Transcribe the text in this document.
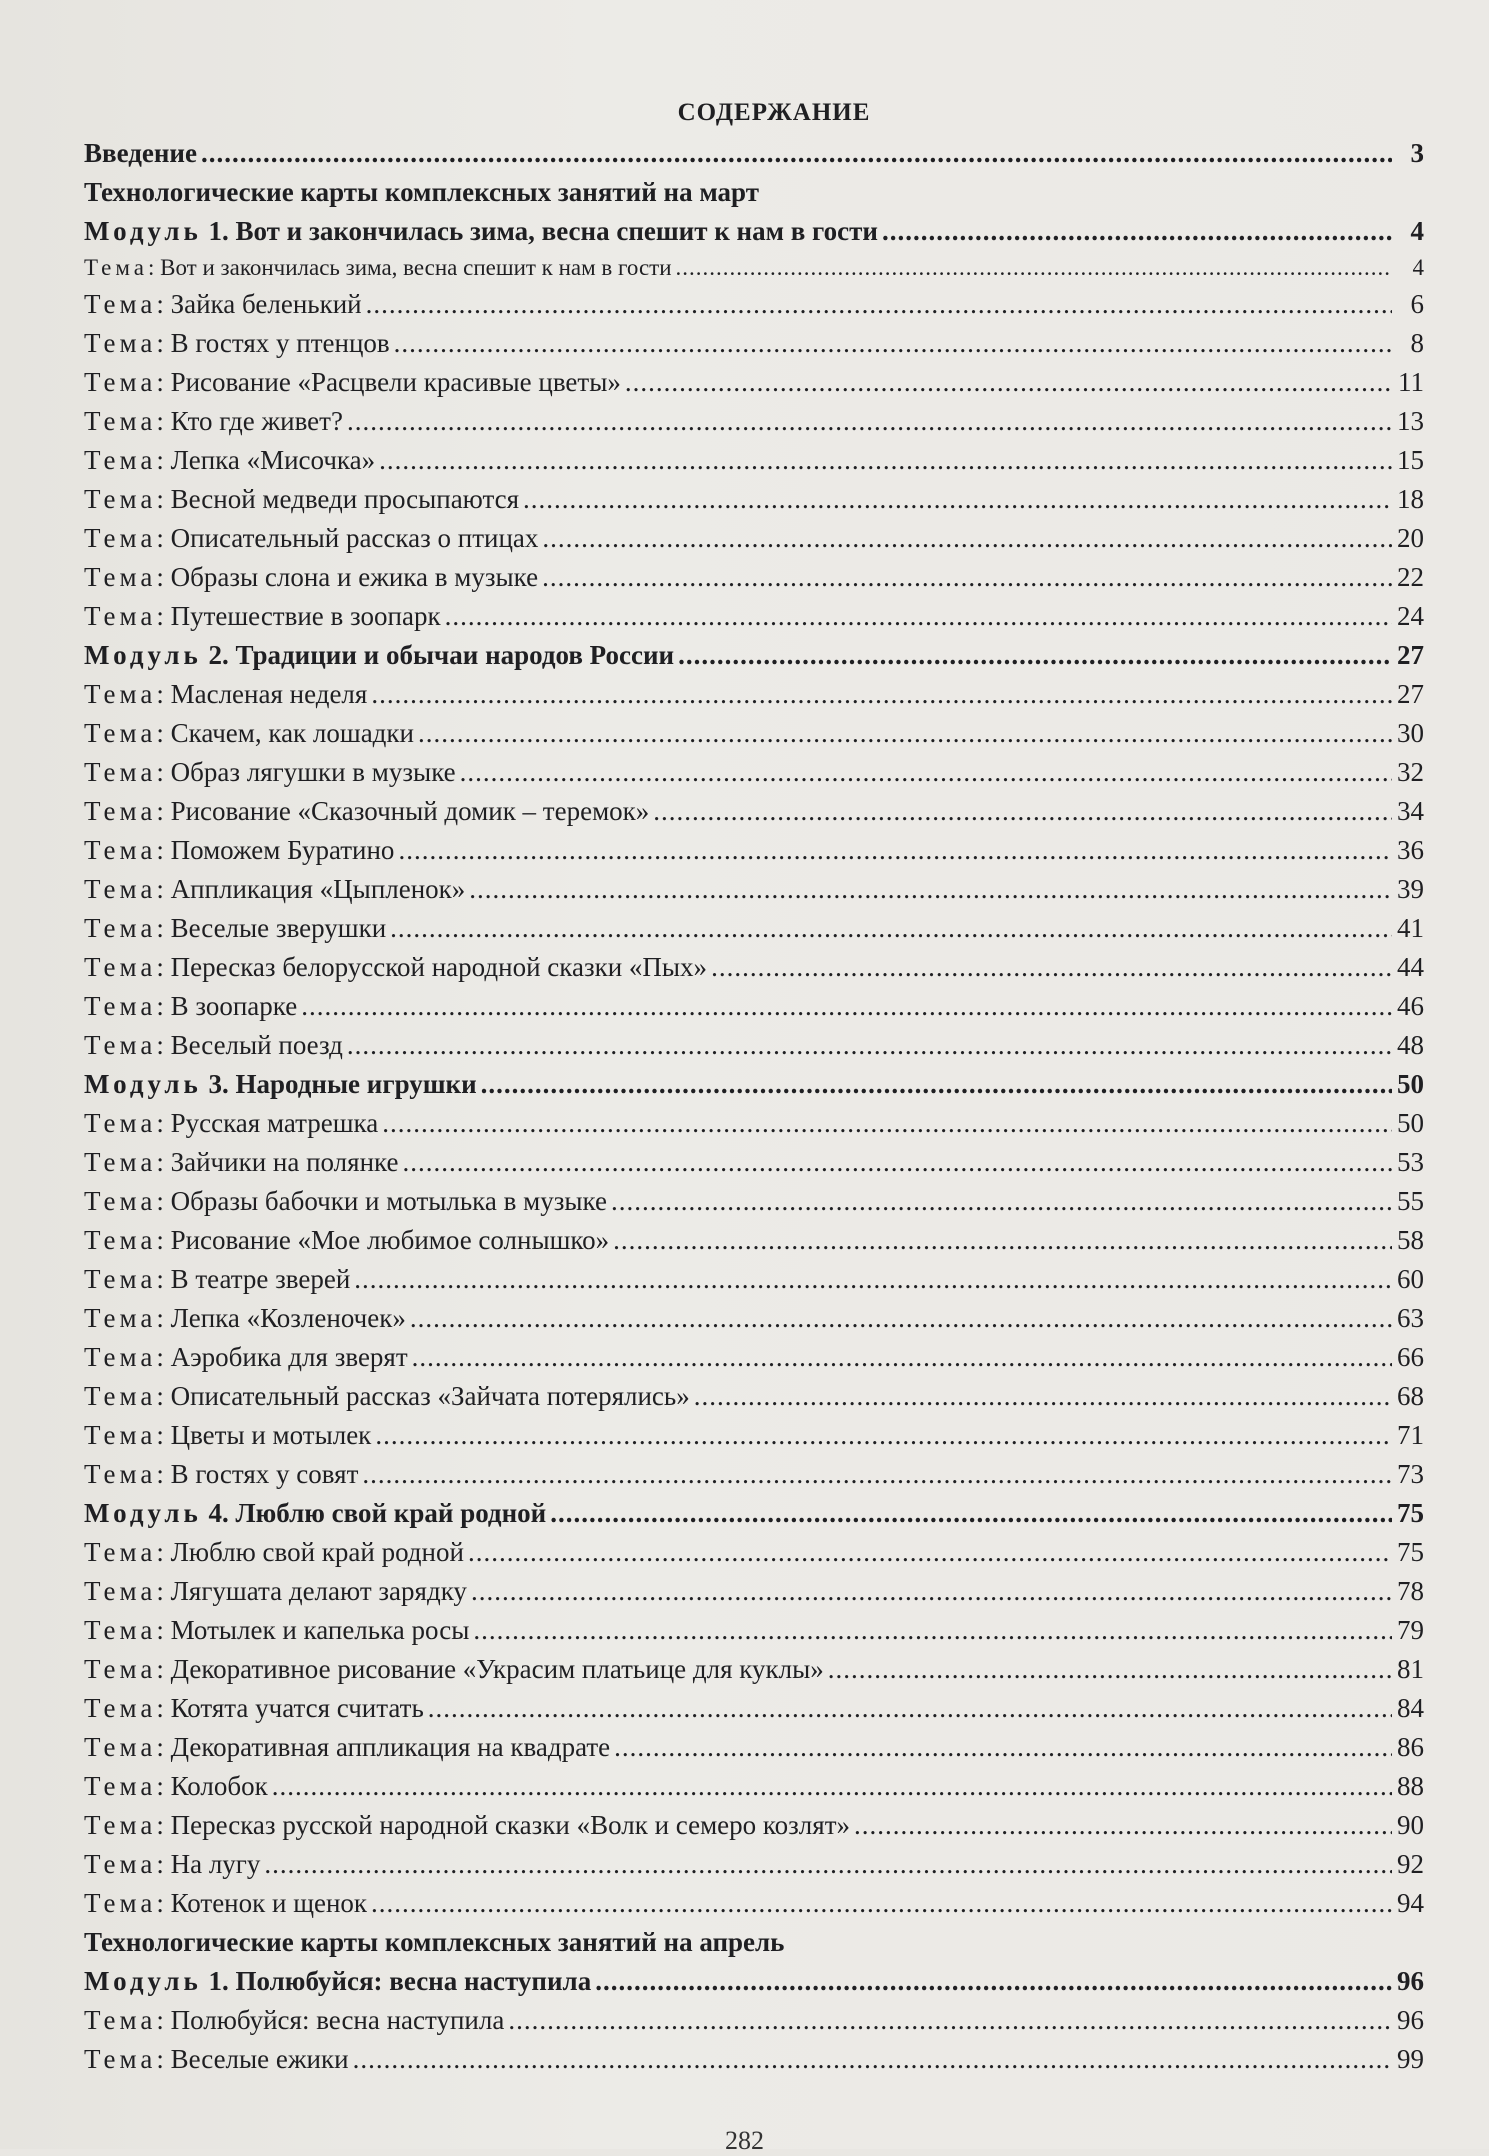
СОДЕРЖАНИЕ
Введение .....	3
Технологические карты комплексных занятий на март
Модуль 1. Вот и закончилась зима, весна спешит к нам в гости .....	4
Тема: Вот и закончилась зима, весна спешит к нам в гости .....	4
Тема: Зайка беленький .....	6
Тема: В гостях у птенцов .....	8
Тема: Рисование «Расцвели красивые цветы» .....	11
Тема: Кто где живет? .....	13
Тема: Лепка «Мисочка» .....	15
Тема: Весной медведи просыпаются .....	18
Тема: Описательный рассказ о птицах .....	20
Тема: Образы слона и ежика в музыке .....	22
Тема: Путешествие в зоопарк .....	24
Модуль 2. Традиции и обычаи народов России .....	27
Тема: Масленая неделя .....	27
Тема: Скачем, как лошадки .....	30
Тема: Образ лягушки в музыке .....	32
Тема: Рисование «Сказочный домик – теремок» .....	34
Тема: Поможем Буратино .....	36
Тема: Аппликация «Цыпленок» .....	39
Тема: Веселые зверушки .....	41
Тема: Пересказ белорусской народной сказки «Пых» .....	44
Тема: В зоопарке .....	46
Тема: Веселый поезд .....	48
Модуль 3. Народные игрушки .....	50
Тема: Русская матрешка .....	50
Тема: Зайчики на полянке .....	53
Тема: Образы бабочки и мотылька в музыке .....	55
Тема: Рисование «Мое любимое солнышко» .....	58
Тема: В театре зверей .....	60
Тема: Лепка «Козленочек» .....	63
Тема: Аэробика для зверят .....	66
Тема: Описательный рассказ «Зайчата потерялись» .....	68
Тема: Цветы и мотылек .....	71
Тема: В гостях у совят .....	73
Модуль 4. Люблю свой край родной .....	75
Тема: Люблю свой край родной .....	75
Тема: Лягушата делают зарядку .....	78
Тема: Мотылек и капелька росы .....	79
Тема: Декоративное рисование «Украсим платьице для куклы» .....	81
Тема: Котята учатся считать .....	84
Тема: Декоративная аппликация на квадрате .....	86
Тема: Колобок .....	88
Тема: Пересказ русской народной сказки «Волк и семеро козлят» .....	90
Тема: На лугу .....	92
Тема: Котенок и щенок .....	94
Технологические карты комплексных занятий на апрель
Модуль 1. Полюбуйся: весна наступила .....	96
Тема: Полюбуйся: весна наступила .....	96
Тема: Веселые ежики .....	99
282
